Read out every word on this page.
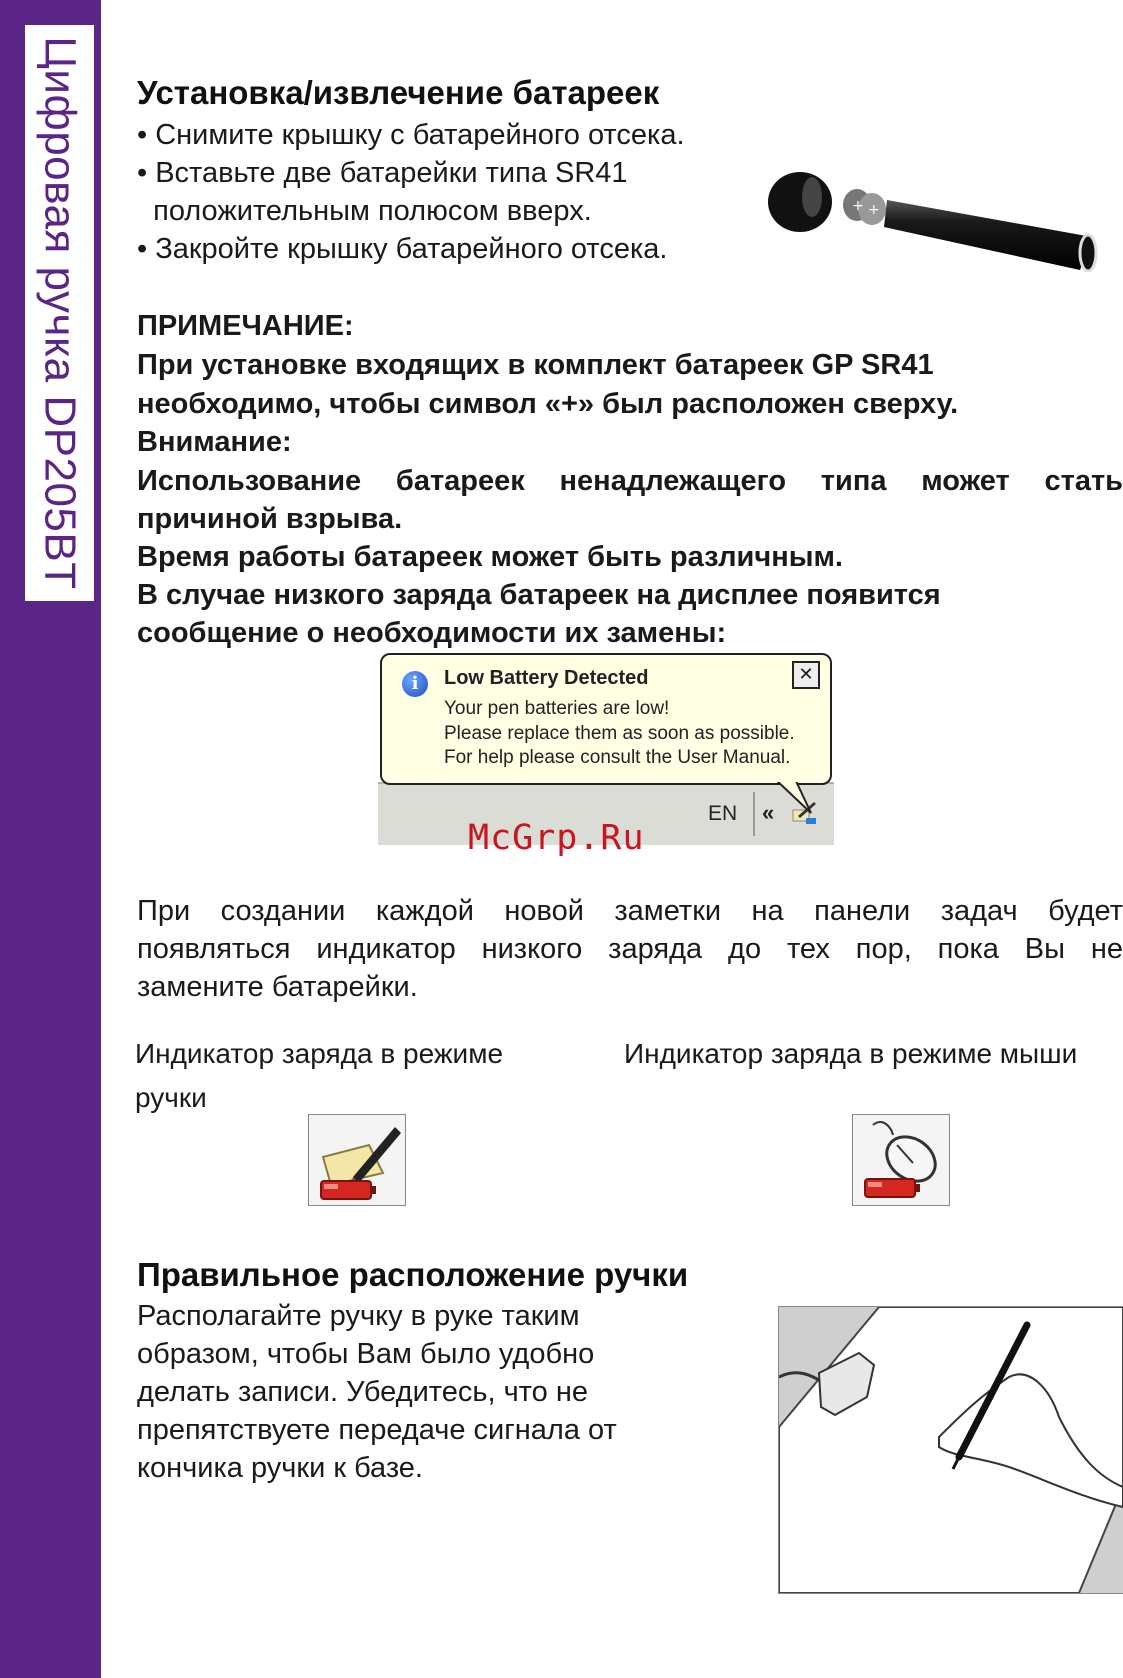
Цифровая ручка DP205BT Установка/извлечение батареек
• Снимите крышку с батарейного отсека.
• Вставьте две батарейки типа SR41
положительным полюсом вверх.
• Закройте крышку батарейного отсека.
+ +
ПРИМЕЧАНИЕ:
При установке входящих в комплект батареек GP SR41
необходимо, чтобы символ «+» был расположен сверху.
Внимание:
Использование батареек ненадлежащего типа может стать
причиной взрыва.
Время работы батареек может быть различным.
В случае низкого заряда батареек на дисплее появится
сообщение о необходимости их замены:
EN «
i	Low Battery Detected
Your pen batteries are low!
Please replace them as soon as possible.
For help please consult the User Manual.
✕
McGrp.Ru
При создании каждой новой заметки на панели задач будет
появляться индикатор низкого заряда до тех пор, пока Вы не
замените батарейки.
Индикатор заряда в режиме
ручки
Индикатор заряда в режиме мыши
Правильное расположение ручки
Располагайте ручку в руке таким
образом, чтобы Вам было удобно
делать записи. Убедитесь, что не
препятствуете передаче сигнала от
кончика ручки к базе.
